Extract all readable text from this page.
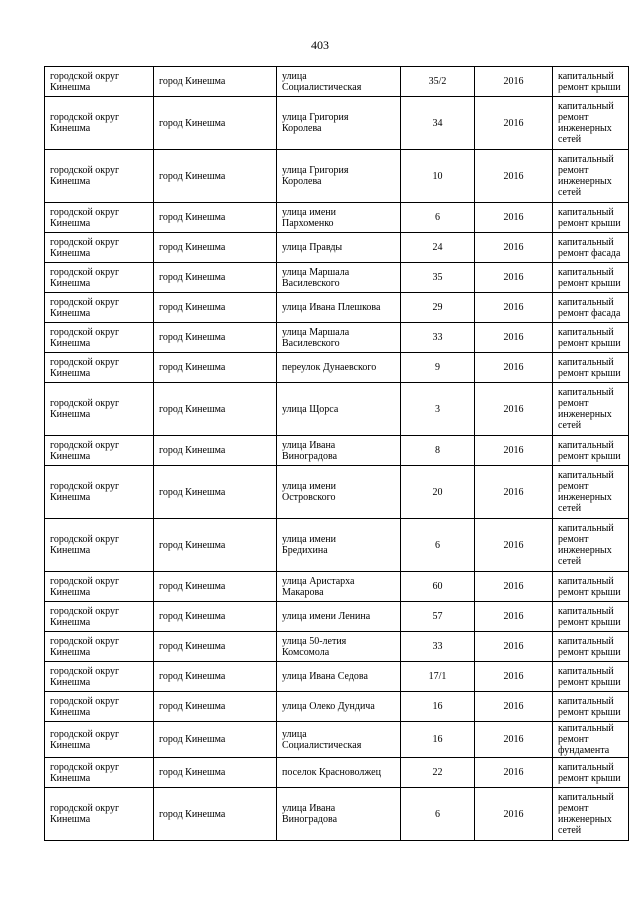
403
городской округ
Кинешма	город Кинешма	улица
Социалистическая	35/2	2016	капитальный
ремонт крыши

городской округ
Кинешма	город Кинешма	улица Григория
Королева	34	2016	капитальный
ремонт
инженерных
сетей

городской округ
Кинешма	город Кинешма	улица Григория
Королева	10	2016	капитальный
ремонт
инженерных
сетей

городской округ
Кинешма	город Кинешма	улица имени
Пархоменко	6	2016	капитальный
ремонт крыши

городской округ
Кинешма	город Кинешма	улица Правды	24	2016	капитальный
ремонт фасада

городской округ
Кинешма	город Кинешма	улица Маршала
Василевского	35	2016	капитальный
ремонт крыши

городской округ
Кинешма	город Кинешма	улица Ивана Плешкова	29	2016	капитальный
ремонт фасада

городской округ
Кинешма	город Кинешма	улица Маршала
Василевского	33	2016	капитальный
ремонт крыши

городской округ
Кинешма	город Кинешма	переулок Дунаевского	9	2016	капитальный
ремонт крыши

городской округ
Кинешма	город Кинешма	улица Щорса	3	2016	капитальный
ремонт
инженерных
сетей

городской округ
Кинешма	город Кинешма	улица Ивана
Виноградова	8	2016	капитальный
ремонт крыши

городской округ
Кинешма	город Кинешма	улица имени
Островского	20	2016	капитальный
ремонт
инженерных
сетей

городской округ
Кинешма	город Кинешма	улица имени
Бредихина	6	2016	капитальный
ремонт
инженерных
сетей

городской округ
Кинешма	город Кинешма	улица Аристарха
Макарова	60	2016	капитальный
ремонт крыши

городской округ
Кинешма	город Кинешма	улица имени Ленина	57	2016	капитальный
ремонт крыши

городской округ
Кинешма	город Кинешма	улица 50-летия
Комсомола	33	2016	капитальный
ремонт крыши

городской округ
Кинешма	город Кинешма	улица Ивана Седова	17/1	2016	капитальный
ремонт крыши

городской округ
Кинешма	город Кинешма	улица Олеко Дундича	16	2016	капитальный
ремонт крыши

городской округ
Кинешма	город Кинешма	улица
Социалистическая	16	2016	капитальный
ремонт
фундамента

городской округ
Кинешма	город Кинешма	поселок Красноволжец	22	2016	капитальный
ремонт крыши

городской округ
Кинешма	город Кинешма	улица Ивана
Виноградова	6	2016	капитальный
ремонт
инженерных
сетей
